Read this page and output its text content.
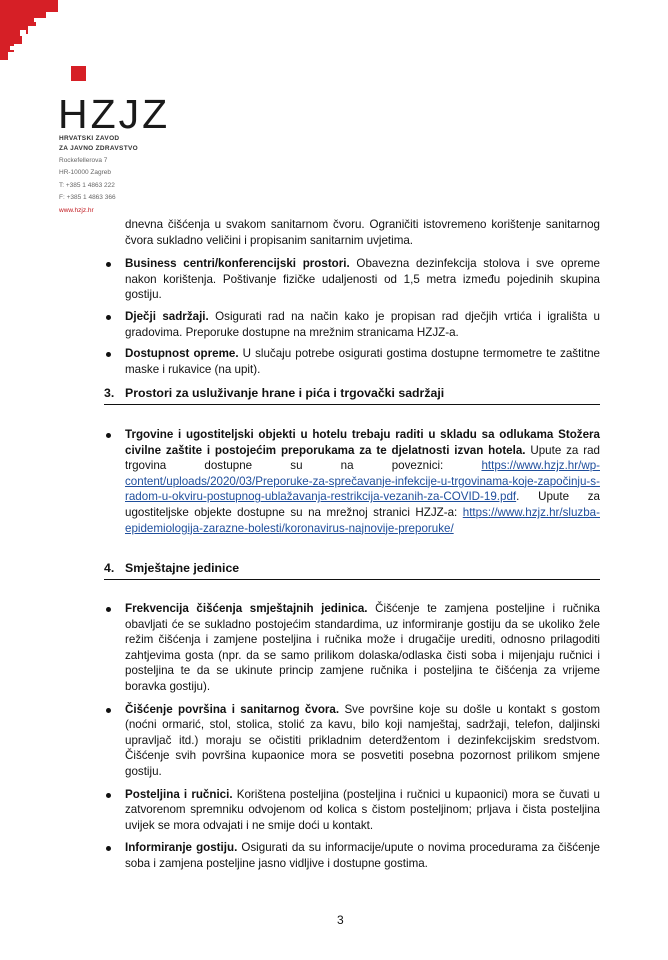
HZJZ
HRVATSKI ZAVOD
ZA JAVNO ZDRAVSTVO
Rockefellerova 7
HR-10000 Zagreb
T: +385 1 4863 222
F: +385 1 4863 366
www.hzjz.hr

dnevna čišćenja u svakom sanitarnom čvoru. Ograničiti istovremeno korištenje sanitarnog čvora sukladno veličini i propisanim sanitarnim uvjetima.

Business centri/konferencijski prostori. Obavezna dezinfekcija stolova i sve opreme nakon korištenja. Poštivanje fizičke udaljenosti od 1,5 metra između pojedinih skupina gostiju.
Dječji sadržaji. Osigurati rad na način kako je propisan rad dječjih vrtića i igrališta u gradovima. Preporuke dostupne na mrežnim stranicama HZJZ-a.
Dostupnost opreme. U slučaju potrebe osigurati gostima dostupne termometre te zaštitne maske i rukavice (na upit).
3. Prostori za usluživanje hrane i pića i trgovački sadržaji
Trgovine i ugostiteljski objekti u hotelu trebaju raditi u skladu sa odlukama Stožera civilne zaštite i postojećim preporukama za te djelatnosti izvan hotela. Upute za rad trgovina dostupne su na poveznici: https://www.hzjz.hr/wp-content/uploads/2020/03/Preporuke-za-sprečavanje-infekcije-u-trgovinama-koje-započinju-s-radom-u-okviru-postupnog-ublažavanja-restrikcija-vezanih-za-COVID-19.pdf. Upute za ugostiteljske objekte dostupne su na mrežnoj stranici HZJZ-a: https://www.hzjz.hr/sluzba-epidemiologija-zarazne-bolesti/koronavirus-najnovije-preporuke/
4. Smještajne jedinice
Frekvencija čišćenja smještajnih jedinica. Čišćenje te zamjena posteljine i ručnika obavljati će se sukladno postojećim standardima, uz informiranje gostiju da se ukoliko žele režim čišćenja i zamjene posteljina i ručnika može i drugačije urediti, odnosno prilagoditi zahtjevima gosta (npr. da se samo prilikom dolaska/odlaska čisti soba i mijenjaju ručnici i posteljina te da se ukinute princip zamjene ručnika i posteljina te čišćenja za vrijeme boravka gostiju).
Čišćenje površina i sanitarnog čvora. Sve površine koje su došle u kontakt s gostom (noćni ormarić, stol, stolica, stolić za kavu, bilo koji namještaj, sadržaji, telefon, daljinski upravljač itd.) moraju se očistiti prikladnim deterdžentom i dezinfekcijskim sredstvom. Čišćenje svih površina kupaonice mora se posvetiti posebna pozornost prilikom smjene gostiju.
Posteljina i ručnici. Korištena posteljina (posteljina i ručnici u kupaonici) mora se čuvati u zatvorenom spremniku odvojenom od kolica s čistom posteljinom; prljava i čista posteljina uvijek se mora odvajati i ne smije doći u kontakt.
Informiranje gostiju. Osigurati da su informacije/upute o novima procedurama za čišćenje soba i zamjena posteljine jasno vidljive i dostupne gostima.
3
